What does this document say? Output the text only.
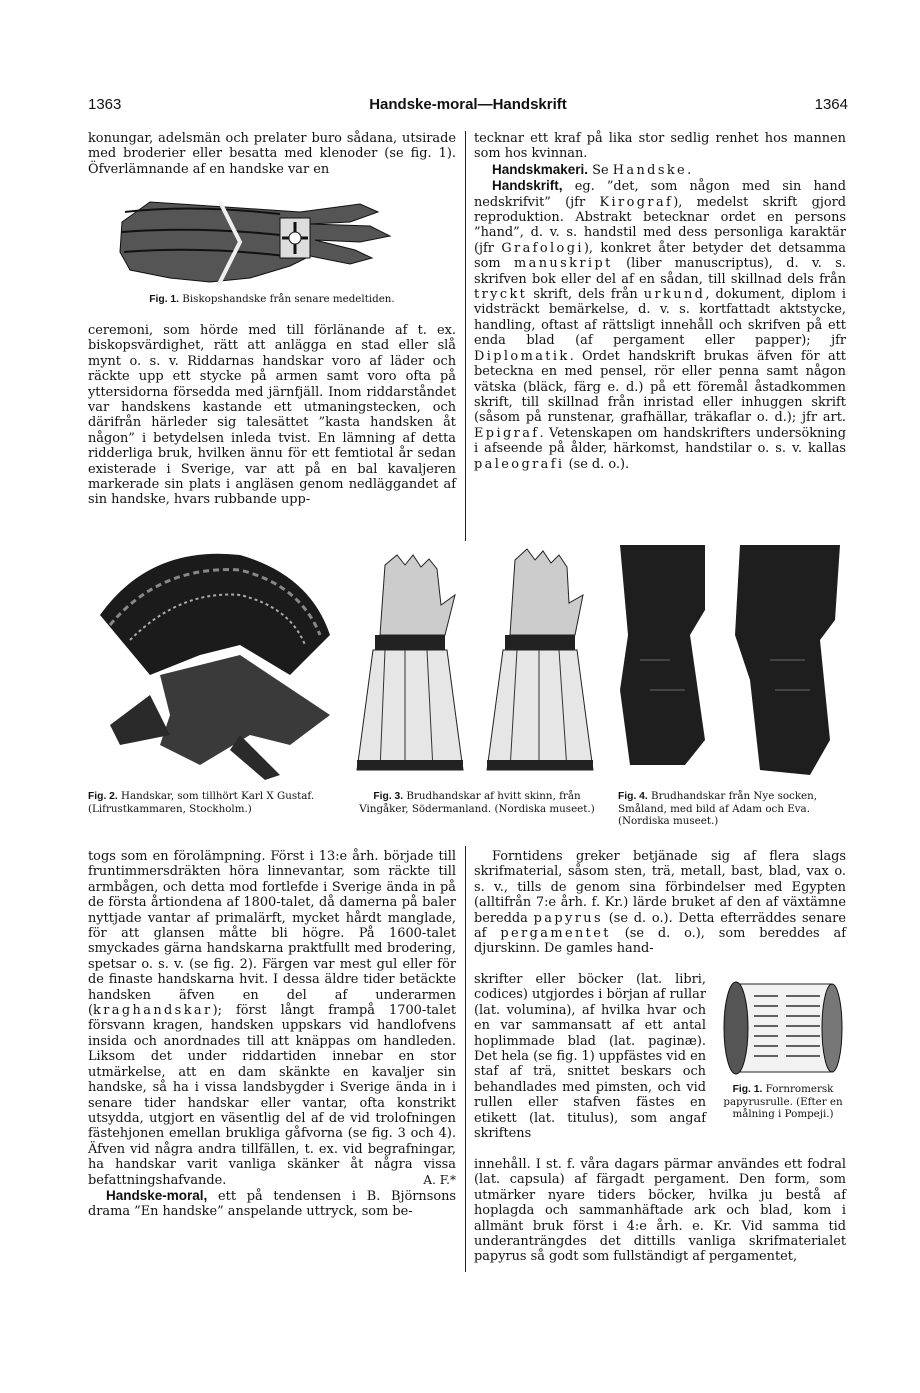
1363	Handske-moral—Handskrift	1364

konungar, adelsmän och prelater buro sådana, utsirade med broderier eller besatta med klenoder (se fig. 1). Öfverlämnande af en handske var en

Fig. 1. Biskopshandske från senare medeltiden.

ceremoni, som hörde med till förlänande af t. ex. biskopsvärdighet, rätt att anlägga en stad eller slå mynt o. s. v. Riddarnas handskar voro af läder och räckte upp ett stycke på armen samt voro ofta på yttersidorna försedda med järnfjäll. Inom riddarståndet var handskens kastande ett utmaningstecken, och därifrån härleder sig talesättet ”kasta handsken åt någon” i betydelsen inleda tvist. En lämning af detta ridderliga bruk, hvilken ännu för ett femtiotal år sedan existerade i Sverige, var att på en bal kavaljeren markerade sin plats i angläsen genom nedläggandet af sin handske, hvars rubbande upp-

tecknar ett kraf på lika stor sedlig renhet hos mannen som hos kvinnan.

Handskmakeri. Se Handske.

Handskrift, eg. ”det, som någon med sin hand nedskrifvit” (jfr Kirograf), medelst skrift gjord reproduktion. Abstrakt betecknar ordet en persons ”hand”, d. v. s. handstil med dess personliga karaktär (jfr Grafologi), konkret åter betyder det detsamma som manuskript (liber manuscriptus), d. v. s. skrifven bok eller del af en sådan, till skillnad dels från tryckt skrift, dels från urkund, dokument, diplom i vidsträckt bemärkelse, d. v. s. kortfattadt aktstycke, handling, oftast af rättsligt innehåll och skrifven på ett enda blad (af pergament eller papper); jfr Diplomatik. Ordet handskrift brukas äfven för att beteckna en med pensel, rör eller penna samt någon vätska (bläck, färg e. d.) på ett föremål åstadkommen skrift, till skillnad från inristad eller inhuggen skrift (såsom på runstenar, grafhällar, träkaflar o. d.); jfr art. Epigraf. Vetenskapen om handskrifters undersökning i afseende på ålder, härkomst, handstilar o. s. v. kallas paleografi (se d. o.).

Fig. 2. Handskar, som tillhört Karl X Gustaf. (Lifrustkammaren, Stockholm.)
Fig. 3. Brudhandskar af hvitt skinn, från Vingåker, Södermanland. (Nordiska museet.)
Fig. 4. Brudhandskar från Nye socken, Småland, med bild af Adam och Eva. (Nordiska museet.)

togs som en förolämpning. Först i 13:e årh. började till fruntimmersdräkten höra linnevantar, som räckte till armbågen, och detta mod fortlefde i Sverige ända in på de första årtiondena af 1800-talet, då damerna på baler nyttjade vantar af primalärft, mycket hårdt manglade, för att glansen måtte bli högre. På 1600-talet smyckades gärna handskarna praktfullt med brodering, spetsar o. s. v. (se fig. 2). Färgen var mest gul eller för de finaste handskarna hvit. I dessa äldre tider betäckte handsken äfven en del af underarmen (kraghandskar); först långt frampå 1700-talet försvann kragen, handsken uppskars vid handlofvens insida och anordnades till att knäppas om handleden. Liksom det under riddartiden innebar en stor utmärkelse, att en dam skänkte en kavaljer sin handske, så ha i vissa landsbygder i Sverige ända in i senare tider handskar eller vantar, ofta konstrikt utsydda, utgjort en väsentlig del af de vid trolofningen fästehjonen emellan brukliga gåfvorna (se fig. 3 och 4). Äfven vid några andra tillfällen, t. ex. vid begrafningar, ha handskar varit vanliga skänker åt några vissa befattningshafvande.	A. F.*

Handske-moral, ett på tendensen i B. Björnsons drama ”En handske” anspelande uttryck, som be-

Forntidens greker betjänade sig af flera slags skrifmaterial, såsom sten, trä, metall, bast, blad, vax o. s. v., tills de genom sina förbindelser med Egypten (alltifrån 7:e årh. f. Kr.) lärde bruket af den af växtämne beredda papyrus (se d. o.). Detta efterräddes senare af pergamentet (se d. o.), som bereddes af djurskinn. De gamles hand-

skrifter eller böcker (lat. libri, codices) utgjordes i början af rullar (lat. volumina), af hvilka hvar och en var sammansatt af ett antal hoplimmade blad (lat. paginæ). Det hela (se fig. 1) uppfästes vid en staf af trä, snittet beskars och behandlades med pimsten, och vid rullen eller stafven fästes en etikett (lat. titulus), som angaf skriftens

Fig. 1. Fornromersk papyrusrulle. (Efter en målning i Pompeji.)

innehåll. I st. f. våra dagars pärmar användes ett fodral (lat. capsula) af färgadt pergament. Den form, som utmärker nyare tiders böcker, hvilka ju bestå af hoplagda och sammanhäftade ark och blad, kom i allmänt bruk först i 4:e årh. e. Kr. Vid samma tid underanträngdes det dittills vanliga skrifmaterialet papyrus så godt som fullständigt af pergamentet,
